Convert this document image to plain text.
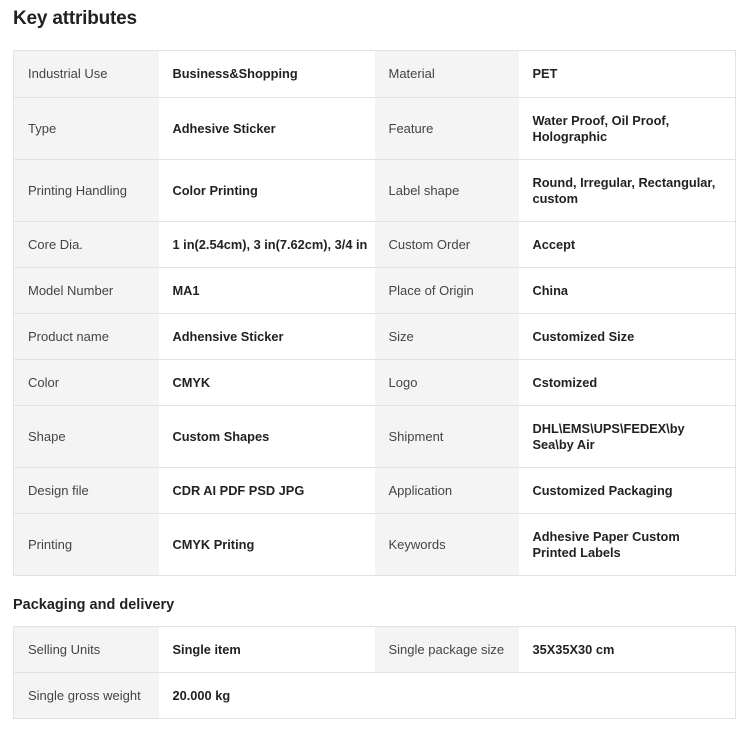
Key attributes
Industrial Use	Business&Shopping	Material	PET
Type	Adhesive Sticker	Feature	Water Proof, Oil Proof, Holographic
Printing Handling	Color Printing	Label shape	Round, Irregular, Rectangular, custom
Core Dia.	1 in(2.54cm), 3 in(7.62cm), 3/4 in	Custom Order	Accept
Model Number	MA1	Place of Origin	China
Product name	Adhensive Sticker	Size	Customized Size
Color	CMYK	Logo	Cstomized
Shape	Custom Shapes	Shipment	DHL\EMS\UPS\FEDEX\by Sea\by Air
Design file	CDR AI PDF PSD JPG	Application	Customized Packaging
Printing	CMYK Priting	Keywords	Adhesive Paper Custom Printed Labels
Packaging and delivery
Selling Units	Single item	Single package size	35X35X30 cm
Single gross weight	20.000 kg		
